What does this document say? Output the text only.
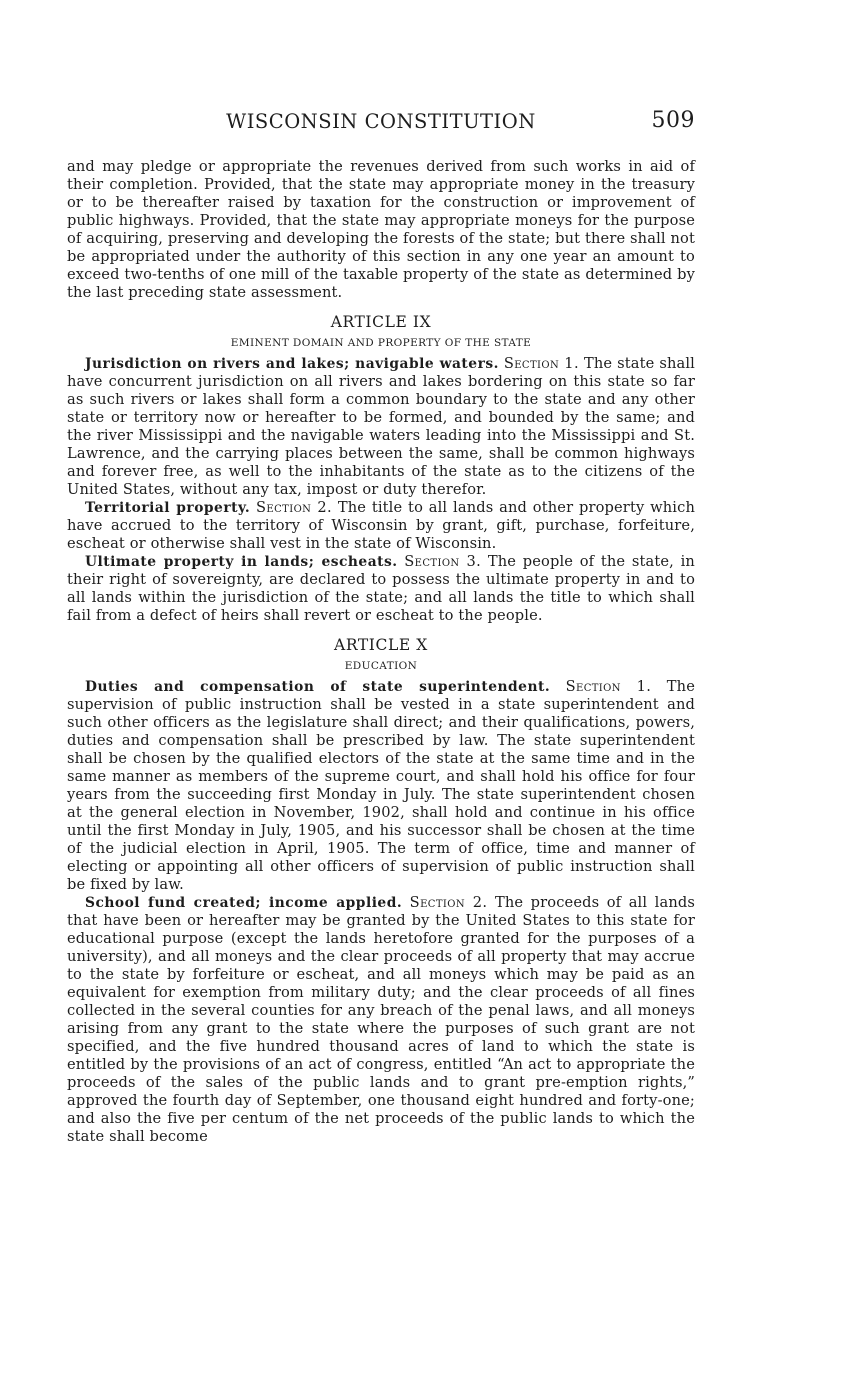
WISCONSIN CONSTITUTION	509

and may pledge or appropriate the revenues derived from such works in aid of their completion. Provided, that the state may appropriate money in the treasury or to be thereafter raised by taxation for the construction or improvement of public highways. Provided, that the state may appropriate moneys for the purpose of acquiring, preserving and developing the forests of the state; but there shall not be appropriated under the authority of this section in any one year an amount to exceed two-tenths of one mill of the taxable property of the state as determined by the last preceding state assessment.

ARTICLE IX
EMINENT DOMAIN AND PROPERTY OF THE STATE

Jurisdiction on rivers and lakes; navigable waters. Section 1. The state shall have concurrent jurisdiction on all rivers and lakes bordering on this state so far as such rivers or lakes shall form a common boundary to the state and any other state or territory now or hereafter to be formed, and bounded by the same; and the river Mississippi and the navigable waters leading into the Mississippi and St. Lawrence, and the carrying places between the same, shall be common highways and forever free, as well to the inhabitants of the state as to the citizens of the United States, without any tax, impost or duty therefor.

Territorial property. Section 2. The title to all lands and other property which have accrued to the territory of Wisconsin by grant, gift, purchase, forfeiture, escheat or otherwise shall vest in the state of Wisconsin.

Ultimate property in lands; escheats. Section 3. The people of the state, in their right of sovereignty, are declared to possess the ultimate property in and to all lands within the jurisdiction of the state; and all lands the title to which shall fail from a defect of heirs shall revert or escheat to the people.

ARTICLE X
EDUCATION

Duties and compensation of state superintendent. Section 1. The supervision of public instruction shall be vested in a state superintendent and such other officers as the legislature shall direct; and their qualifications, powers, duties and compensation shall be prescribed by law. The state superintendent shall be chosen by the qualified electors of the state at the same time and in the same manner as members of the supreme court, and shall hold his office for four years from the succeeding first Monday in July. The state superintendent chosen at the general election in November, 1902, shall hold and continue in his office until the first Monday in July, 1905, and his successor shall be chosen at the time of the judicial election in April, 1905. The term of office, time and manner of electing or appointing all other officers of supervision of public instruction shall be fixed by law.

School fund created; income applied. Section 2. The proceeds of all lands that have been or hereafter may be granted by the United States to this state for educational purpose (except the lands heretofore granted for the purposes of a university), and all moneys and the clear proceeds of all property that may accrue to the state by forfeiture or escheat, and all moneys which may be paid as an equivalent for exemption from military duty; and the clear proceeds of all fines collected in the several counties for any breach of the penal laws, and all moneys arising from any grant to the state where the purposes of such grant are not specified, and the five hundred thousand acres of land to which the state is entitled by the provisions of an act of congress, entitled “An act to appropriate the proceeds of the sales of the public lands and to grant pre-emption rights,” approved the fourth day of September, one thousand eight hundred and forty-one; and also the five per centum of the net proceeds of the public lands to which the state shall become
